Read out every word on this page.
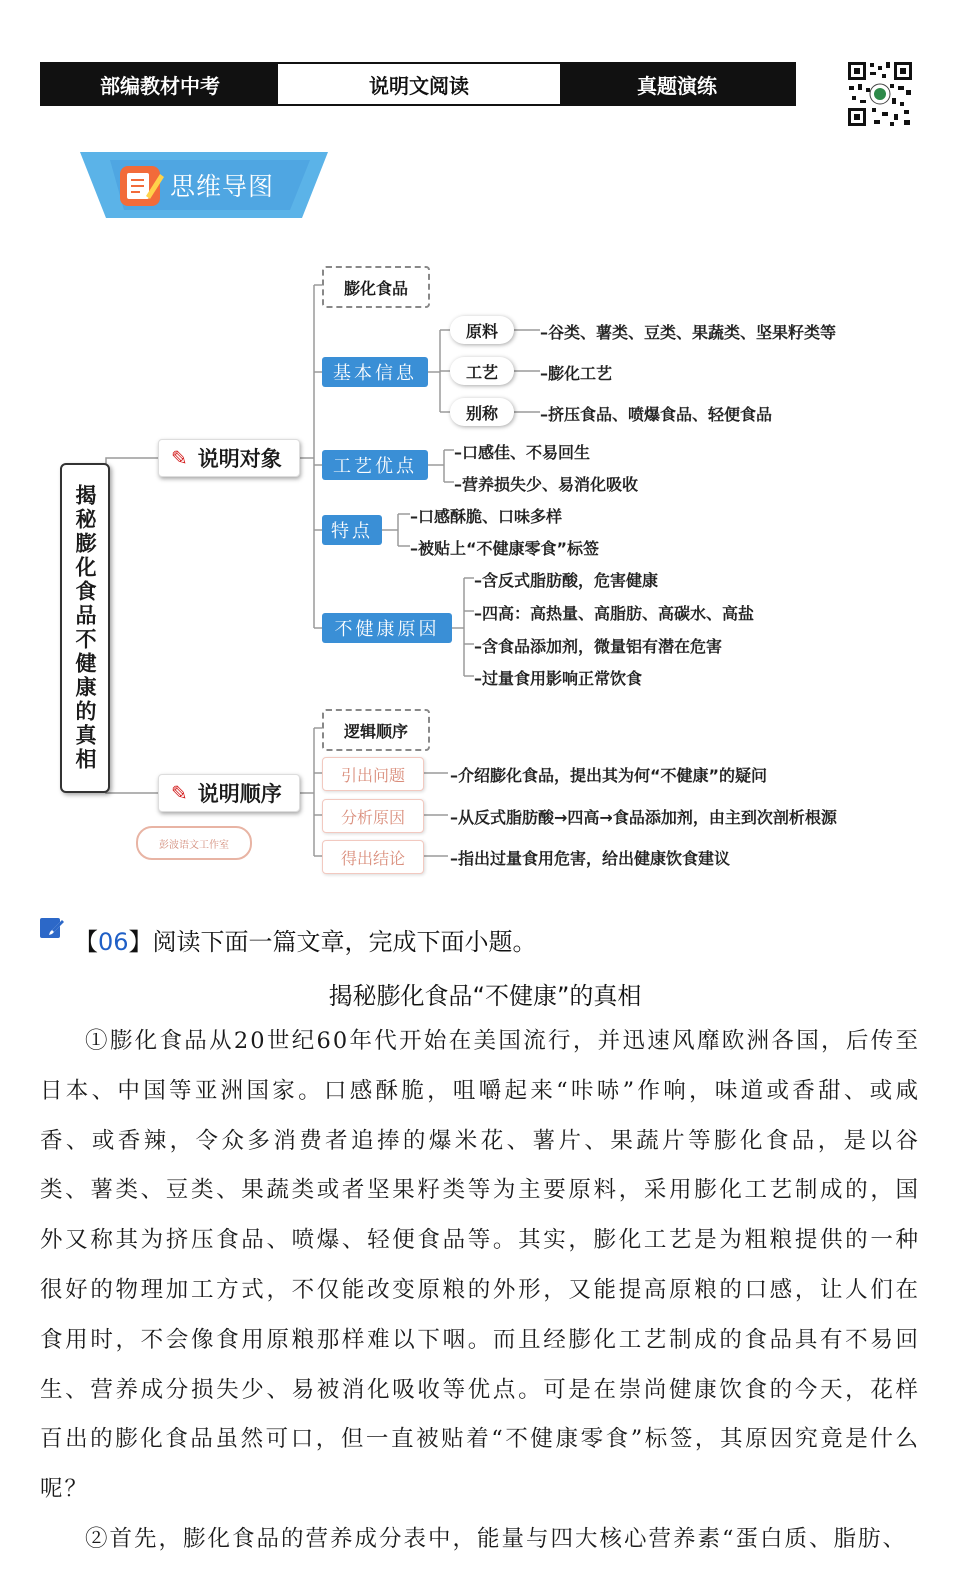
部编教材中考	说明文阅读	真题演练
思维导图
揭秘膨化食品不健康的真相
✎ 说明对象
膨化食品
基本信息
原料
工艺
别称
–谷类、薯类、豆类、果蔬类、坚果籽类等
–膨化工艺
–挤压食品、喷爆食品、轻便食品
工艺优点
–口感佳、不易回生
–营养损失少、易消化吸收
特点
–口感酥脆、口味多样
–被贴上“不健康零食”标签
不健康原因
–含反式脂肪酸，危害健康
–四高：高热量、高脂肪、高碳水、高盐
–含食品添加剂，微量铝有潜在危害
–过量食用影响正常饮食
✎ 说明顺序
逻辑顺序
引出问题
分析原因
得出结论
–介绍膨化食品，提出其为何“不健康”的疑问
–从反式脂肪酸→四高→食品添加剂，由主到次剖析根源
–指出过量食用危害，给出健康饮食建议
彭波语文工作室
【06】阅读下面一篇文章，完成下面小题。
揭秘膨化食品“不健康”的真相

①膨化食品从20世纪60年代开始在美国流行，并迅速风靡欧洲各国，后传至日本、中国等亚洲国家。口感酥脆，咀嚼起来“咔哧”作响，味道或香甜、或咸香、或香辣，令众多消费者追捧的爆米花、薯片、果蔬片等膨化食品，是以谷类、薯类、豆类、果蔬类或者坚果籽类等为主要原料，采用膨化工艺制成的，国外又称其为挤压食品、喷爆、轻便食品等。其实，膨化工艺是为粗粮提供的一种很好的物理加工方式，不仅能改变原粮的外形，又能提高原粮的口感，让人们在食用时，不会像食用原粮那样难以下咽。而且经膨化工艺制成的食品具有不易回生、营养成分损失少、易被消化吸收等优点。可是在崇尚健康饮食的今天，花样百出的膨化食品虽然可口，但一直被贴着“不健康零食”标签，其原因究竟是什么呢？

②首先，膨化食品的营养成分表中，能量与四大核心营养素“蛋白质、脂肪、
